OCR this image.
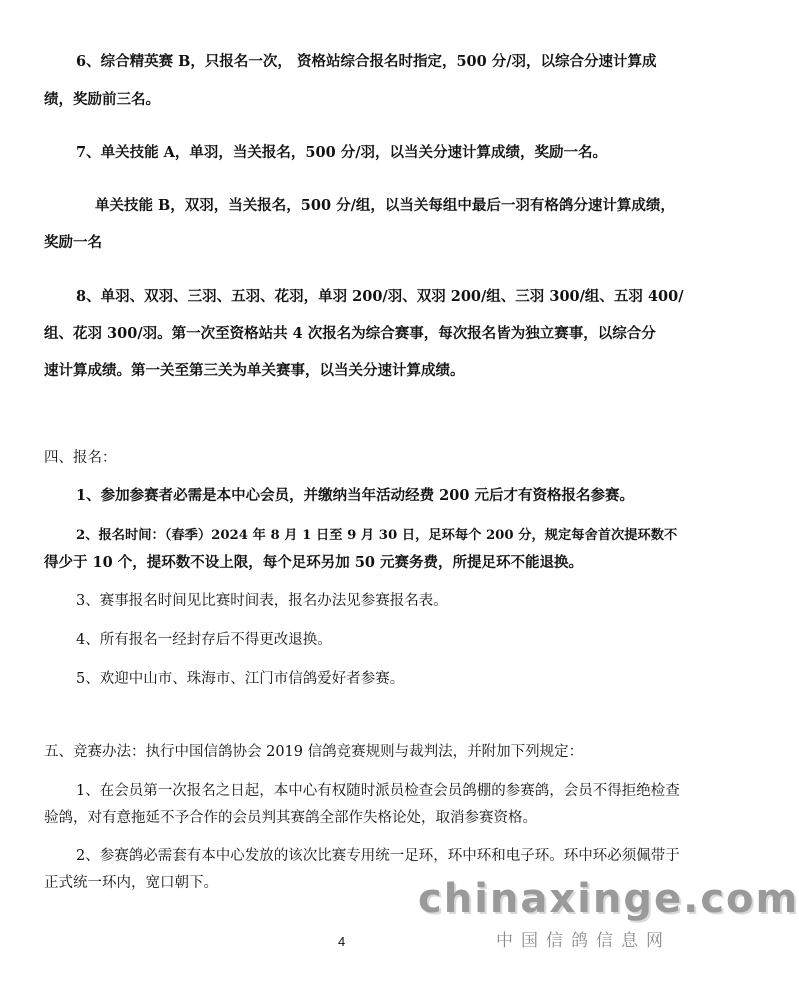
6、综合精英赛 B，只报名一次， 资格站综合报名时指定，500 分/羽，以综合分速计算成

绩，奖励前三名。

7、单关技能 A，单羽，当关报名，500 分/羽，以当关分速计算成绩，奖励一名。

单关技能 B，双羽，当关报名，500 分/组，以当关每组中最后一羽有格鸽分速计算成绩，

奖励一名

8、单羽、双羽、三羽、五羽、花羽，单羽 200/羽、双羽 200/组、三羽 300/组、五羽 400/

组、花羽 300/羽。第一次至资格站共 4 次报名为综合赛事，每次报名皆为独立赛事，以综合分

速计算成绩。第一关至第三关为单关赛事，以当关分速计算成绩。

四、报名：

1、参加参赛者必需是本中心会员，并缴纳当年活动经费 200 元后才有资格报名参赛。

2、报名时间：（春季）2024 年 8 月 1 日至 9 月 30 日，足环每个 200 分，规定每舍首次提环数不

得少于 10 个，提环数不设上限，每个足环另加 50 元赛务费，所提足环不能退换。

3、赛事报名时间见比赛时间表，报名办法见参赛报名表。

4、所有报名一经封存后不得更改退换。

5、欢迎中山市、珠海市、江门市信鸽爱好者参赛。

五、竞赛办法：执行中国信鸽协会 2019 信鸽竞赛规则与裁判法，并附加下列规定：

1、在会员第一次报名之日起，本中心有权随时派员检查会员鸽棚的参赛鸽，会员不得拒绝检查

验鸽，对有意拖延不予合作的会员判其赛鸽全部作失格论处，取消参赛资格。

2、参赛鸽必需套有本中心发放的该次比赛专用统一足环，环中环和电子环。环中环必须佩带于

正式统一环内，宽口朝下。

4
chinaxinge.com
中国信鸽信息网
